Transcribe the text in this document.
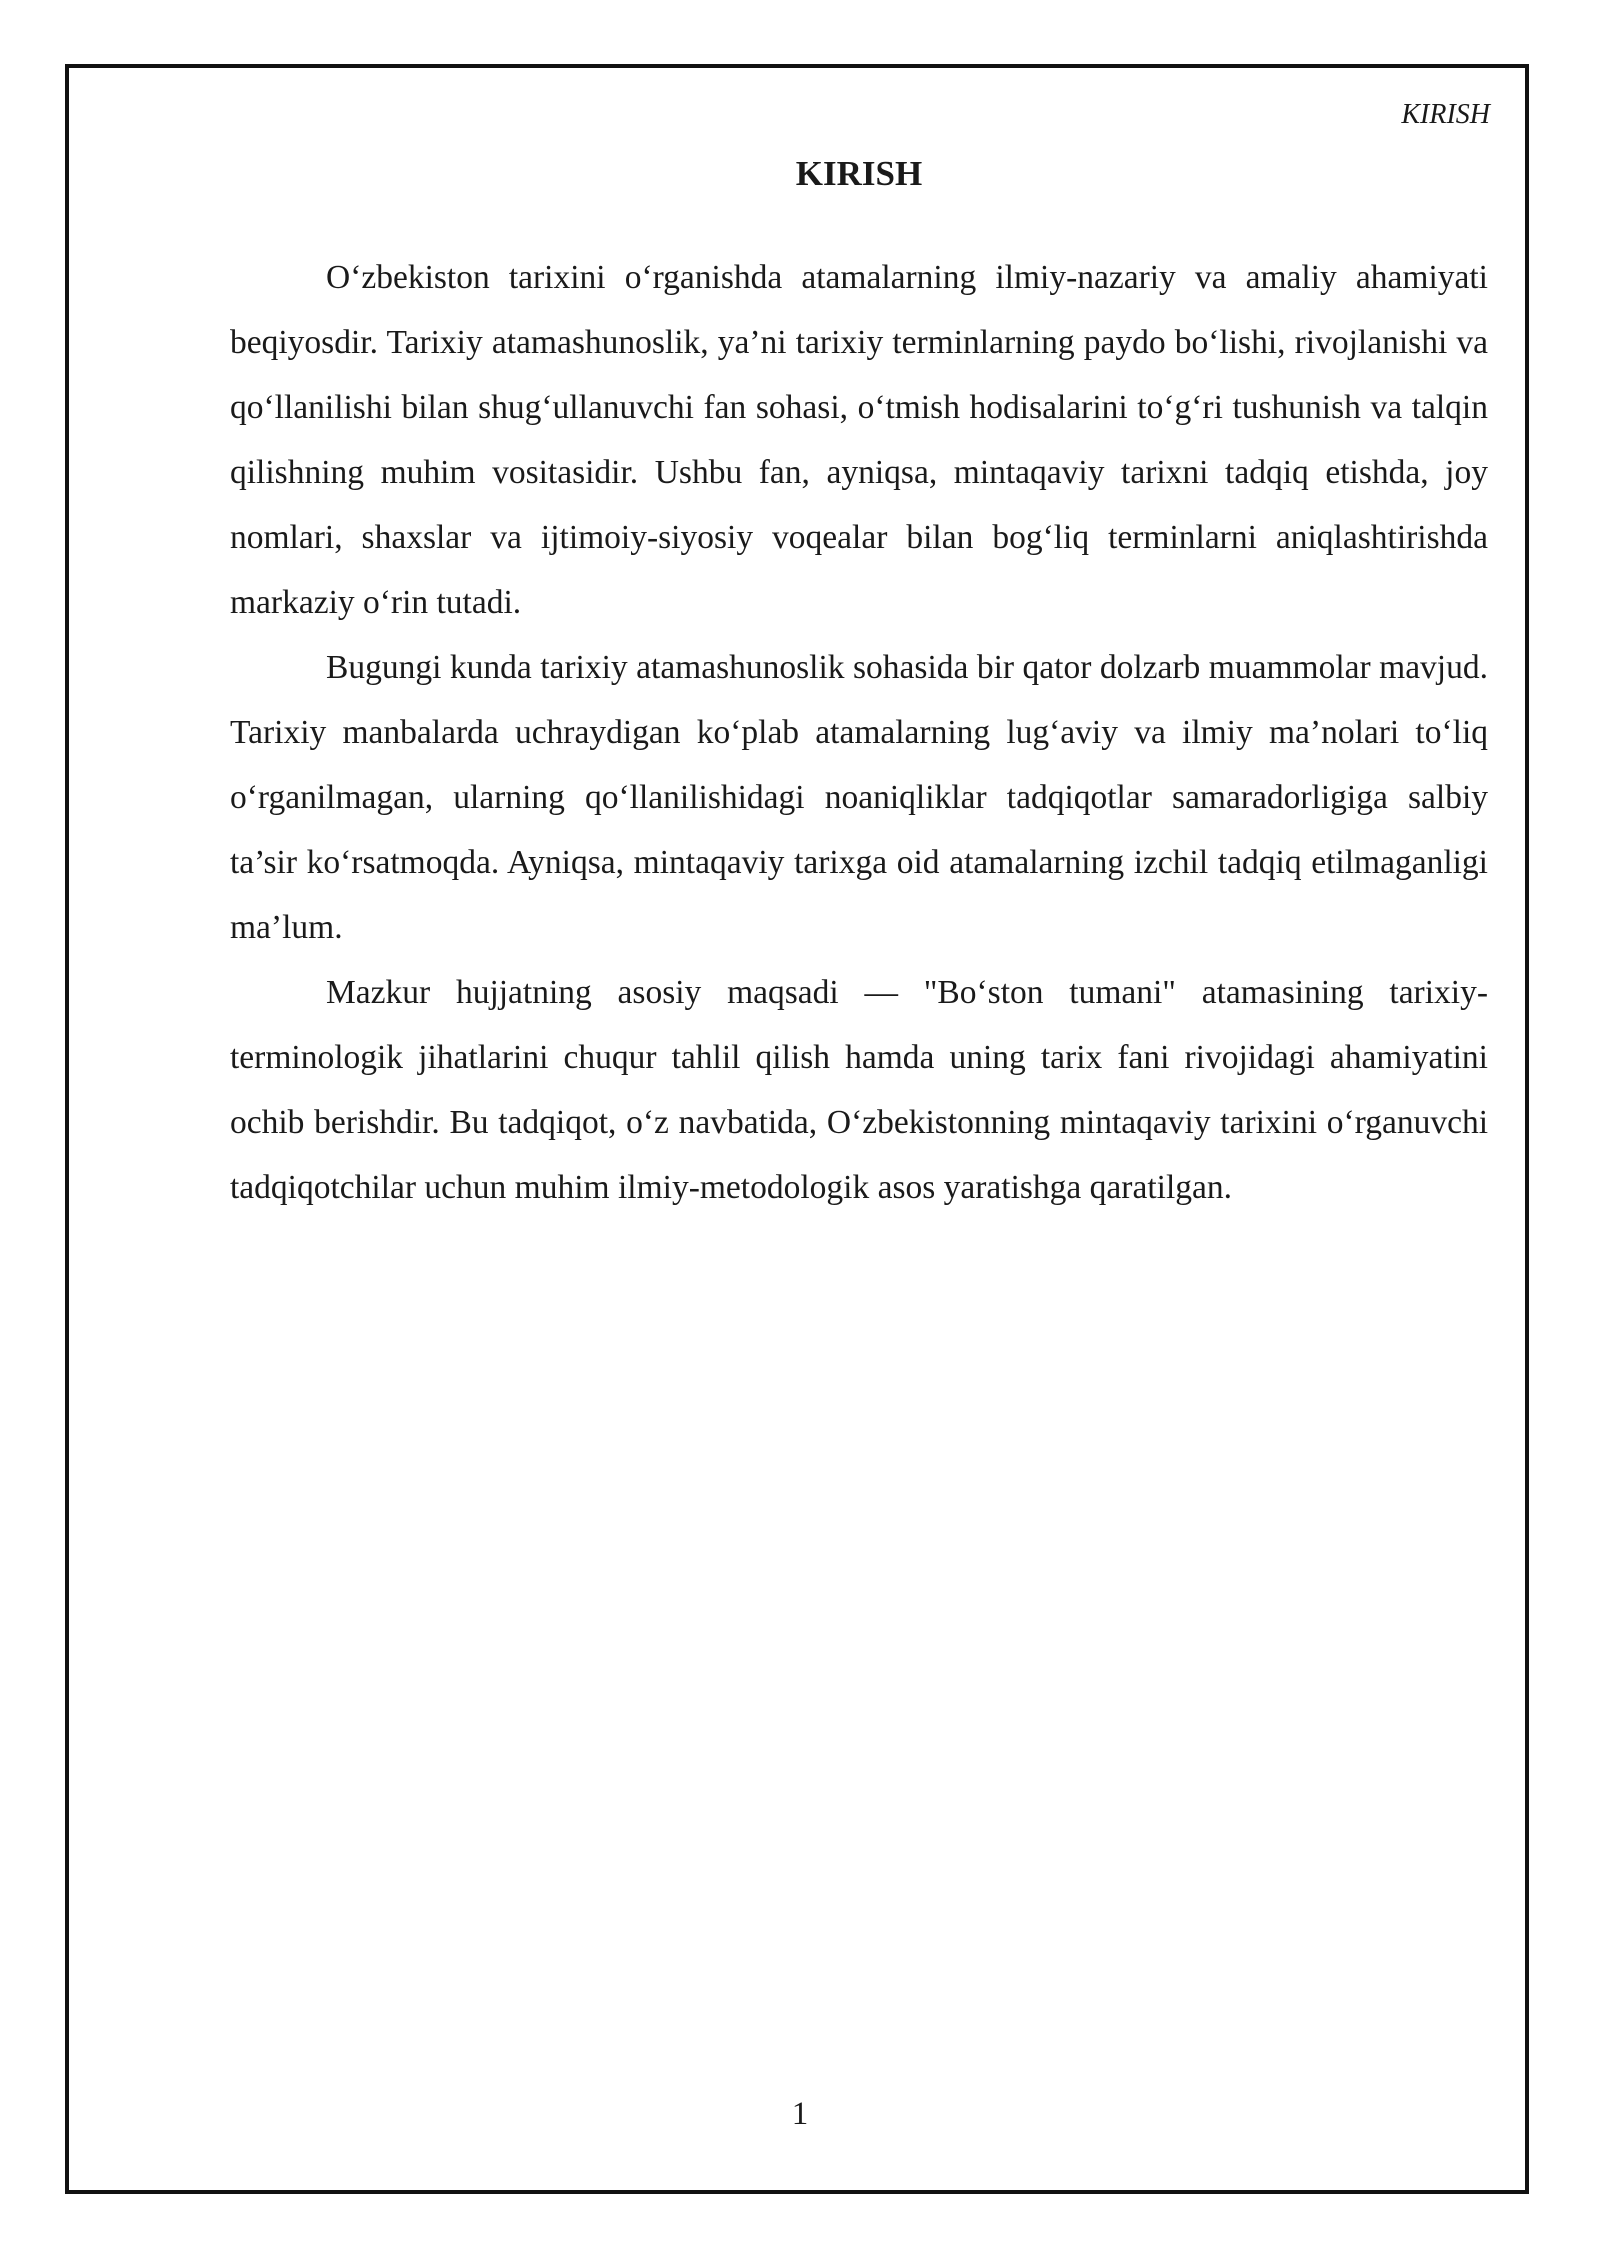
KIRISH
KIRISH

O‘zbekiston tarixini o‘rganishda atamalarning ilmiy-nazariy va amaliy ahamiyati beqiyosdir. Tarixiy atamashunoslik, ya’ni tarixiy terminlarning paydo bo‘lishi, rivojlanishi va qo‘llanilishi bilan shug‘ullanuvchi fan sohasi, o‘tmish hodisalarini to‘g‘ri tushunish va talqin qilishning muhim vositasidir. Ushbu fan, ayniqsa, mintaqaviy tarixni tadqiq etishda, joy nomlari, shaxslar va ijtimoiy-siyosiy voqealar bilan bog‘liq terminlarni aniqlashtirishda markaziy o‘rin tutadi.

Bugungi kunda tarixiy atamashunoslik sohasida bir qator dolzarb muammolar mavjud. Tarixiy manbalarda uchraydigan ko‘plab atamalarning lug‘aviy va ilmiy ma’nolari to‘liq o‘rganilmagan, ularning qo‘llanilishidagi noaniqliklar tadqiqotlar samaradorligiga salbiy ta’sir ko‘rsatmoqda. Ayniqsa, mintaqaviy tarixga oid atamalarning izchil tadqiq etilmaganligi ma’lum.

Mazkur hujjatning asosiy maqsadi — "Bo‘ston tumani" atamasining tarixiy-terminologik jihatlarini chuqur tahlil qilish hamda uning tarix fani rivojidagi ahamiyatini ochib berishdir. Bu tadqiqot, o‘z navbatida, O‘zbekistonning mintaqaviy tarixini o‘rganuvchi tadqiqotchilar uchun muhim ilmiy-metodologik asos yaratishga qaratilgan.

1
